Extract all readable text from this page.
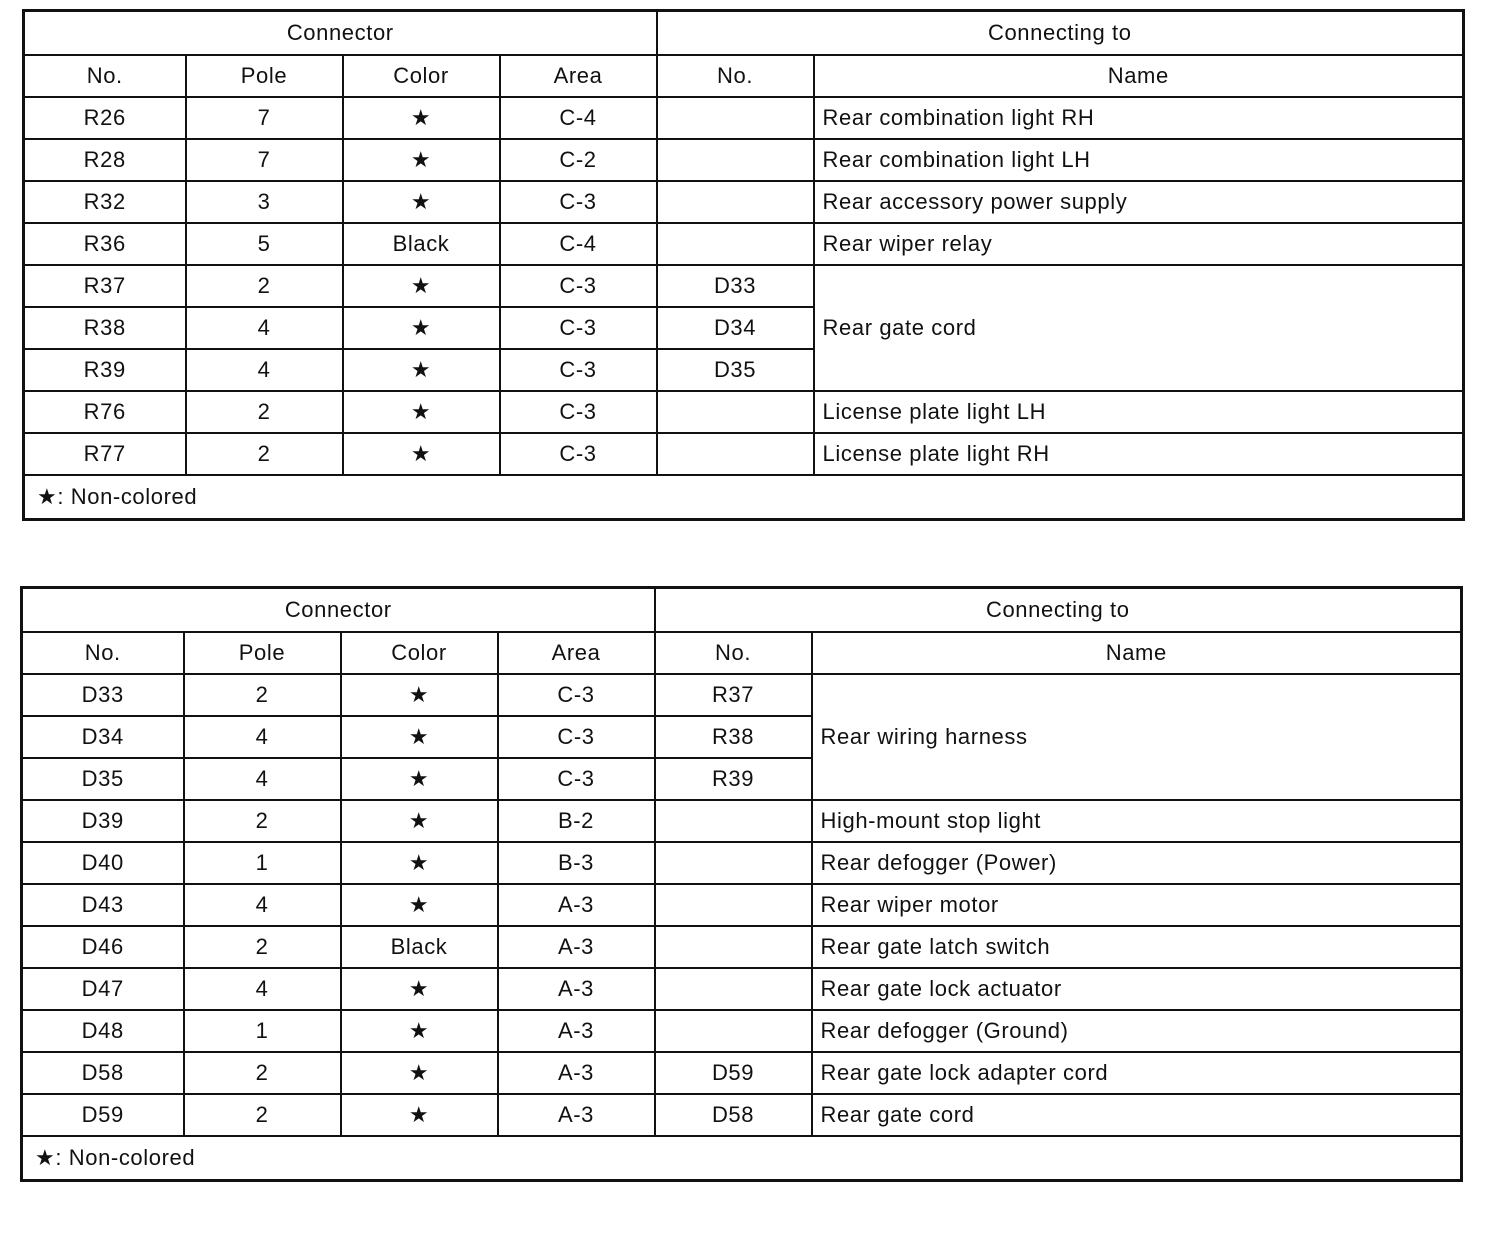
Connector				Connecting to	
No.	Pole	Color	Area	No.	Name
R26	7	★	C-4		Rear combination light RH
R28	7	★	C-2		Rear combination light LH
R32	3	★	C-3		Rear accessory power supply
R36	5	Black	C-4		Rear wiper relay
R37	2	★	C-3	D33	Rear gate cord
R38	4	★	C-3	D34	
R39	4	★	C-3	D35	
R76	2	★	C-3		License plate light LH
R77	2	★	C-3		License plate light RH
★: Non-colored					
Connector				Connecting to	
No.	Pole	Color	Area	No.	Name
D33	2	★	C-3	R37	Rear wiring harness
D34	4	★	C-3	R38	
D35	4	★	C-3	R39	
D39	2	★	B-2		High-mount stop light
D40	1	★	B-3		Rear defogger (Power)
D43	4	★	A-3		Rear wiper motor
D46	2	Black	A-3		Rear gate latch switch
D47	4	★	A-3		Rear gate lock actuator
D48	1	★	A-3		Rear defogger (Ground)
D58	2	★	A-3	D59	Rear gate lock adapter cord
D59	2	★	A-3	D58	Rear gate cord
★: Non-colored					
